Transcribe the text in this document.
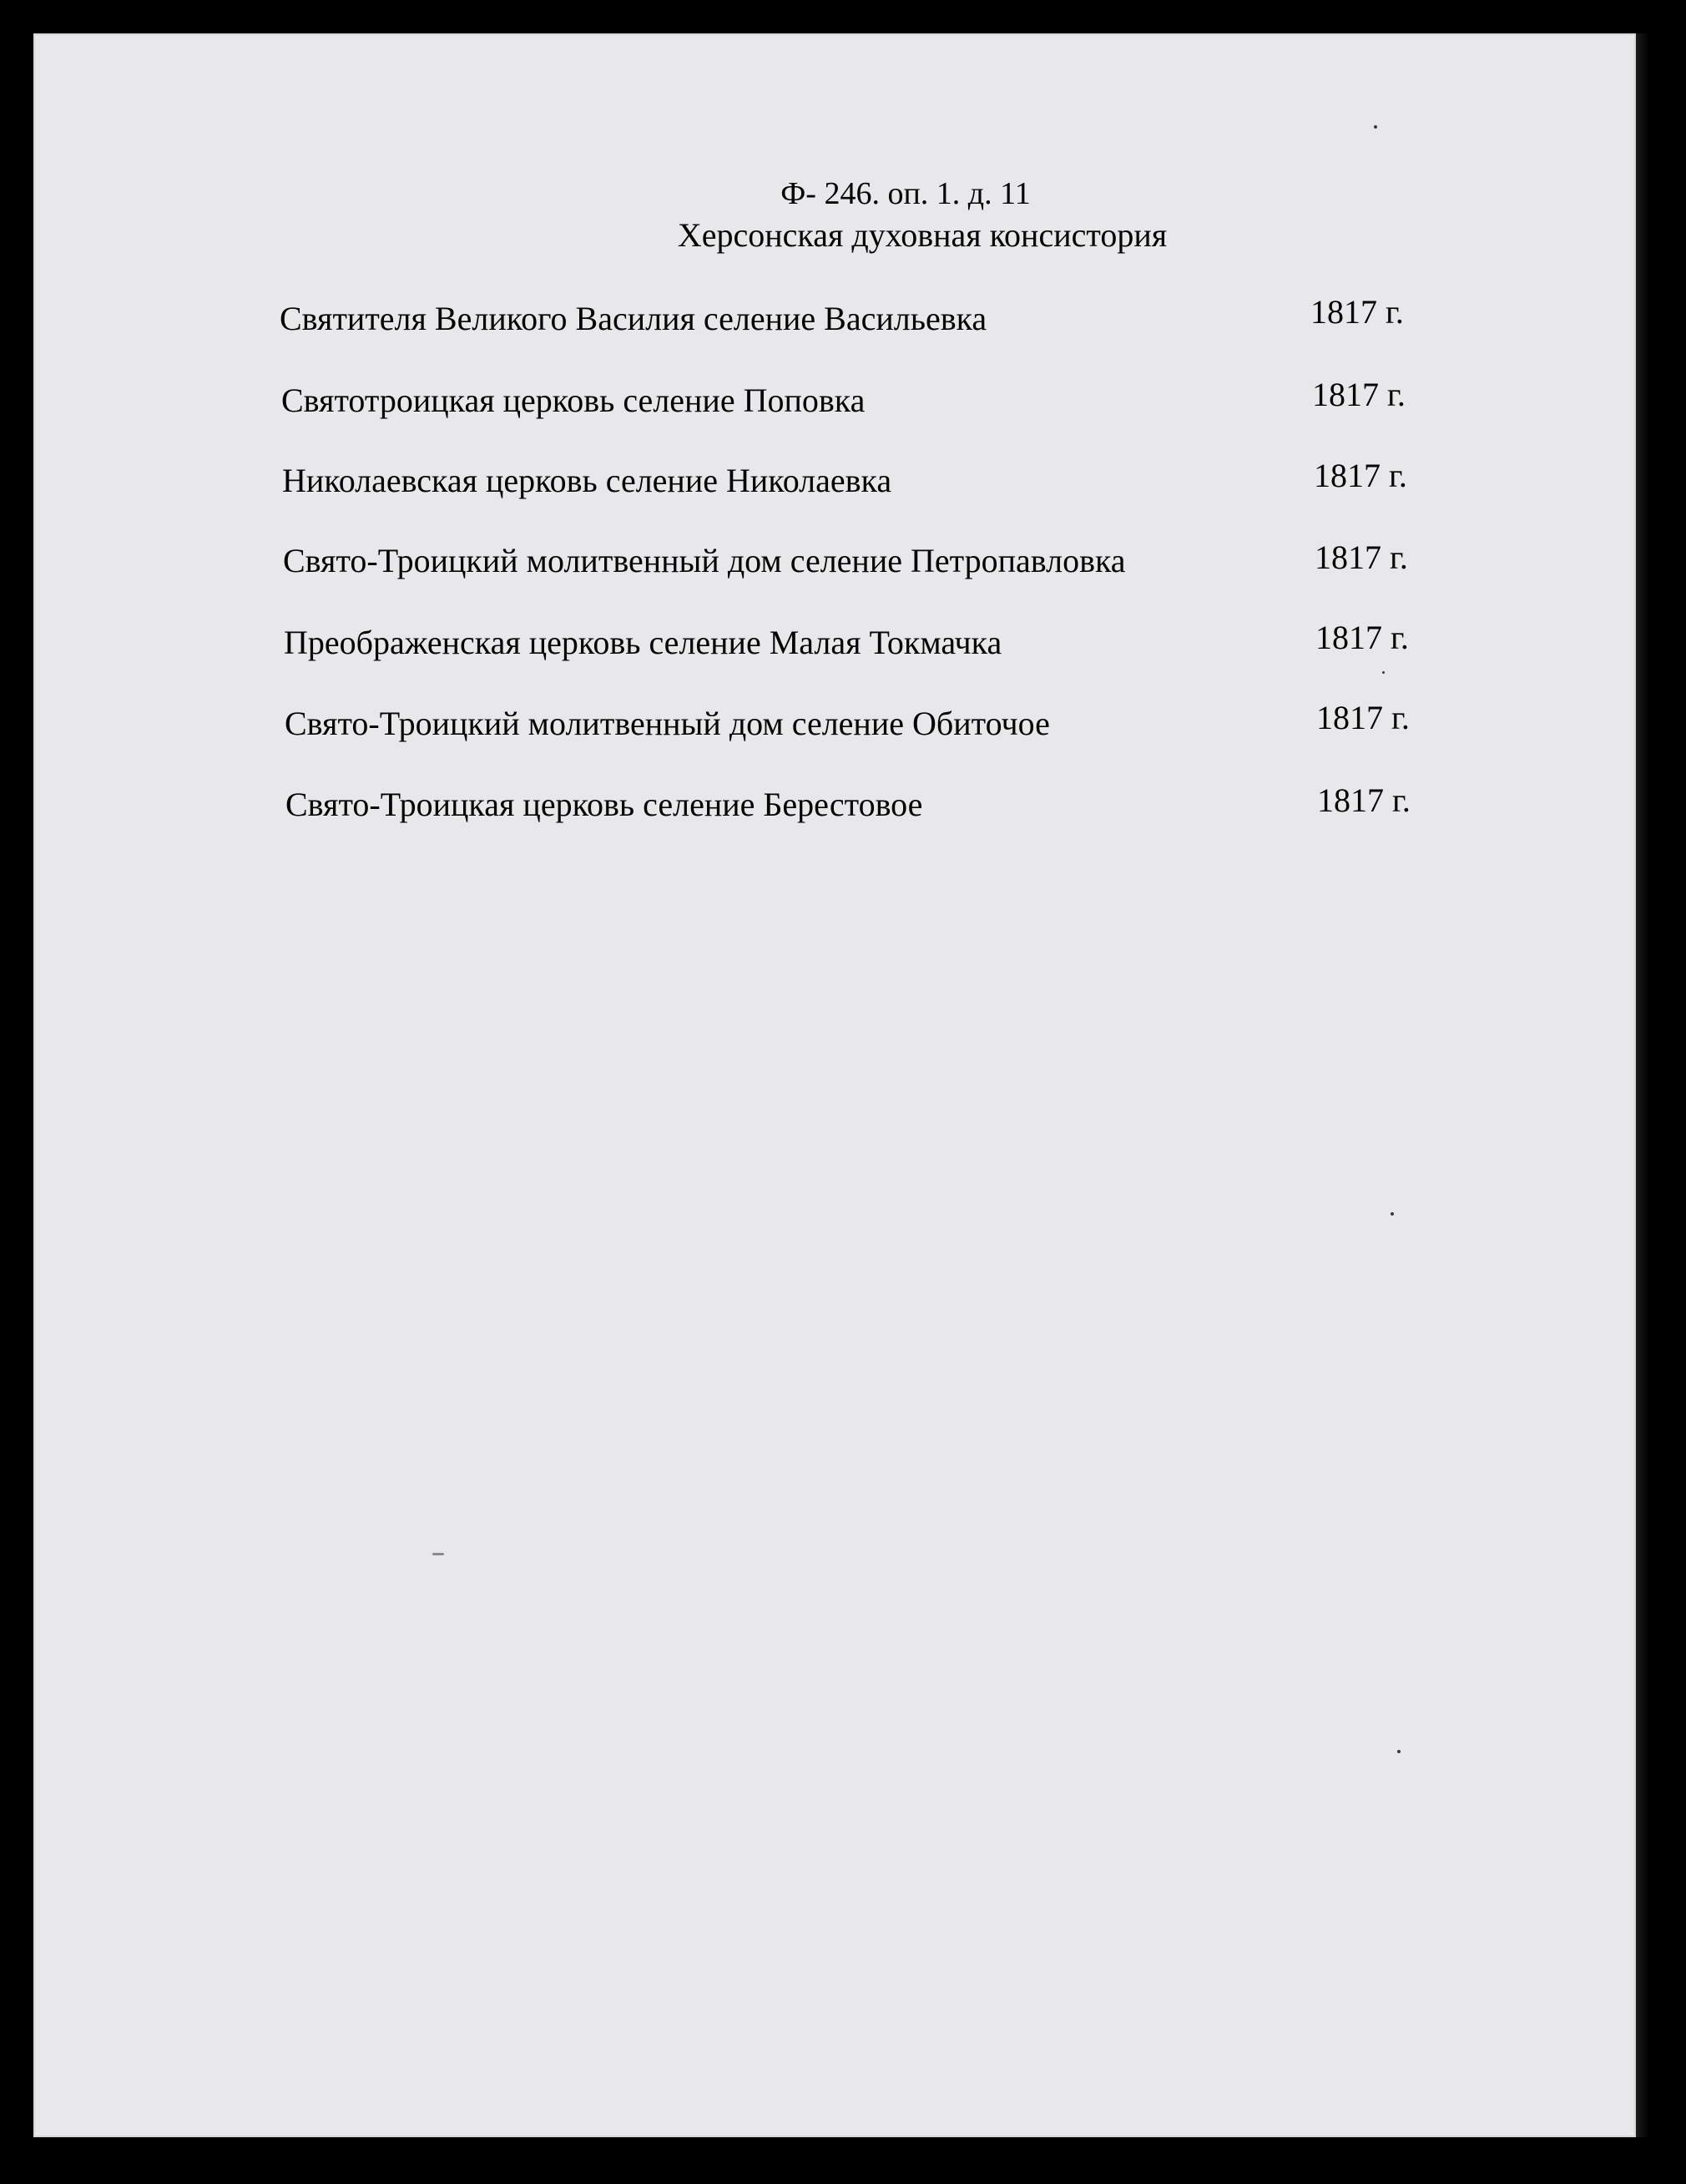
Ф- 246. оп. 1. д. 11
Херсонская духовная консистория
Святителя Великого Василия селение Васильевка	1817 г.
Святотроицкая церковь селение Поповка	1817 г.
Николаевская церковь селение Николаевка	1817 г.
Свято-Троицкий молитвенный дом селение Петропавловка	1817 г.
Преображенская церковь селение Малая Токмачка	1817 г.
Свято-Троицкий молитвенный дом селение Обиточое	1817 г.
Свято-Троицкая церковь селение Берестовое	1817 г.
